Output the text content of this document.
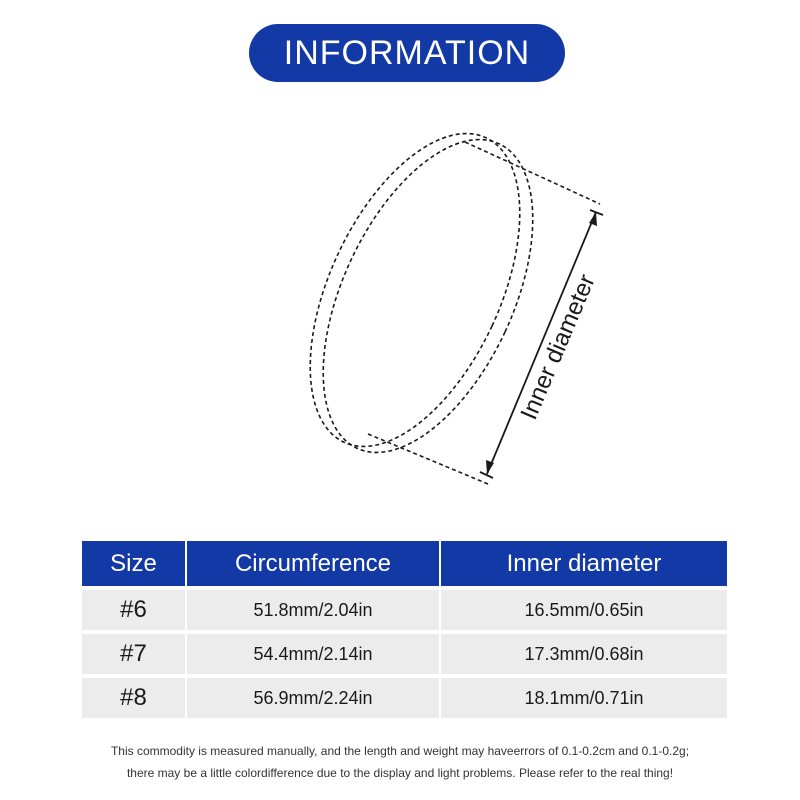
INFORMATION
Inner diameter
Size	Circumference	Inner diameter
#6	51.8mm/2.04in	16.5mm/0.65in
#7	54.4mm/2.14in	17.3mm/0.68in
#8	56.9mm/2.24in	18.1mm/0.71in

This commodity is measured manually, and the length and weight may haveerrors of 0.1-0.2cm and 0.1-0.2g;

there may be a little colordifference due to the display and light problems. Please refer to the real thing!
